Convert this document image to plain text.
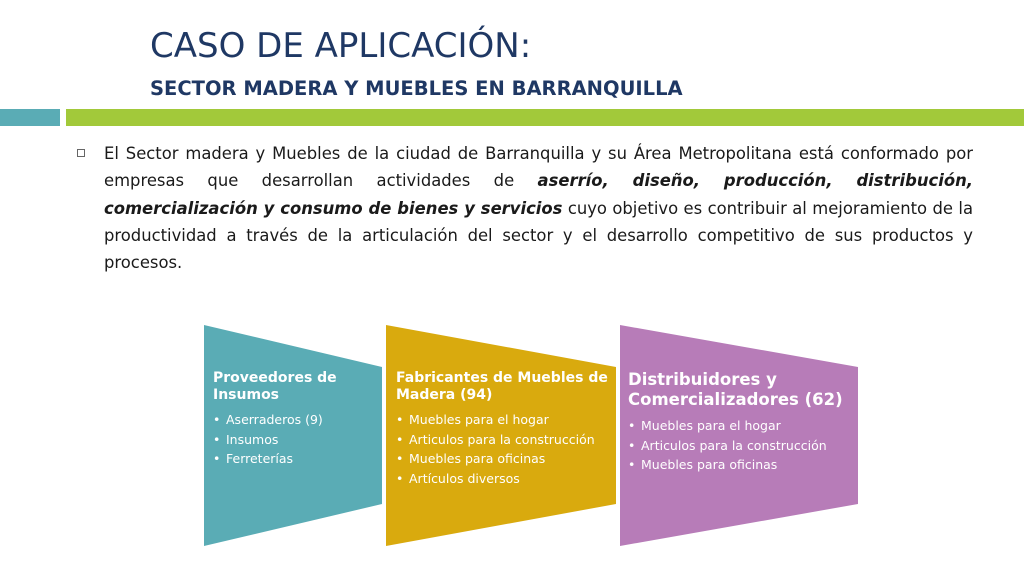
CASO DE APLICACIÓN:
SECTOR MADERA Y MUEBLES EN BARRANQUILLA
El Sector madera y Muebles de la ciudad de Barranquilla y su Área Metropolitana está conformado por empresas que desarrollan actividades de aserrío, diseño, producción, distribución, comercialización y consumo de bienes y servicios cuyo objetivo es contribuir al mejoramiento de la productividad a través de la articulación del sector y el desarrollo competitivo de sus productos y procesos.
Proveedores de Insumos
• Aserraderos (9)
• Insumos
• Ferreterías
Fabricantes de Muebles de Madera (94)
• Muebles para el hogar
• Articulos para la construcción
• Muebles para oficinas
• Artículos diversos
Distribuidores y Comercializadores (62)
• Muebles para el hogar
• Articulos para la construcción
• Muebles para oficinas
